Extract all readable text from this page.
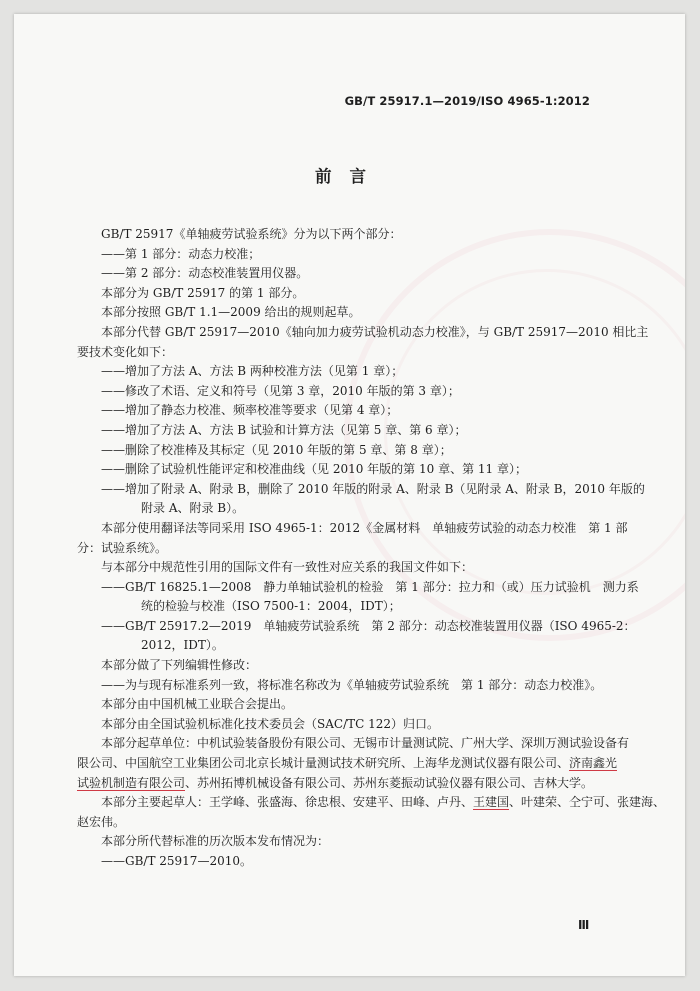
GB/T 25917.1—2019/ISO 4965-1:2012
前言

GB/T 25917《单轴疲劳试验系统》分为以下两个部分：

——第 1 部分：动态力校准；

——第 2 部分：动态校准装置用仪器。

本部分为 GB/T 25917 的第 1 部分。

本部分按照 GB/T 1.1—2009 给出的规则起草。

本部分代替 GB/T 25917—2010《轴向加力疲劳试验机动态力校准》，与 GB/T 25917—2010 相比主

要技术变化如下：

——增加了方法 A、方法 B 两种校准方法（见第 1 章）；

——修改了术语、定义和符号（见第 3 章，2010 年版的第 3 章）；

——增加了静态力校准、频率校准等要求（见第 4 章）；

——增加了方法 A、方法 B 试验和计算方法（见第 5 章、第 6 章）；

——删除了校准棒及其标定（见 2010 年版的第 5 章、第 8 章）；

——删除了试验机性能评定和校准曲线（见 2010 年版的第 10 章、第 11 章）；

——增加了附录 A、附录 B，删除了 2010 年版的附录 A、附录 B（见附录 A、附录 B，2010 年版的

附录 A、附录 B）。

本部分使用翻译法等同采用 ISO 4965-1：2012《金属材料　单轴疲劳试验的动态力校准　第 1 部

分：试验系统》。

与本部分中规范性引用的国际文件有一致性对应关系的我国文件如下：

——GB/T 16825.1—2008　静力单轴试验机的检验　第 1 部分：拉力和（或）压力试验机　测力系

统的检验与校准（ISO 7500-1：2004，IDT）；

——GB/T 25917.2—2019　单轴疲劳试验系统　第 2 部分：动态校准装置用仪器（ISO 4965-2：

2012，IDT）。

本部分做了下列编辑性修改：

——为与现有标准系列一致，将标准名称改为《单轴疲劳试验系统　第 1 部分：动态力校准》。

本部分由中国机械工业联合会提出。

本部分由全国试验机标准化技术委员会（SAC/TC 122）归口。

本部分起草单位：中机试验装备股份有限公司、无锡市计量测试院、广州大学、深圳万测试验设备有

限公司、中国航空工业集团公司北京长城计量测试技术研究所、上海华龙测试仪器有限公司、济南鑫光

试验机制造有限公司、苏州拓博机械设备有限公司、苏州东菱振动试验仪器有限公司、吉林大学。

本部分主要起草人：王学峰、张盛海、徐忠根、安建平、田峰、卢丹、王建国、叶建荣、仝宁可、张建海、

赵宏伟。

本部分所代替标准的历次版本发布情况为：

——GB/T 25917—2010。

Ⅲ
